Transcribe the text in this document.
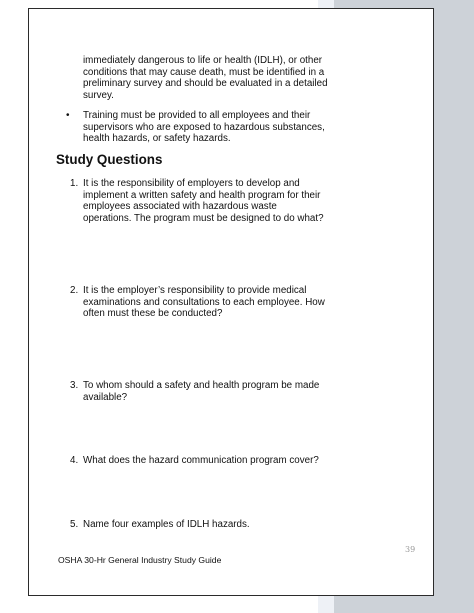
immediately dangerous to life or health (IDLH), or other conditions that may cause death, must be identified in a preliminary survey and should be evaluated in a detailed survey.
•	Training must be provided to all employees and their supervisors who are exposed to hazardous substances, health hazards, or safety hazards.
Study Questions
1. It is the responsibility of employers to develop and implement a written safety and health program for their employees associated with hazardous waste operations. The program must be designed to do what?
2. It is the employer’s responsibility to provide medical examinations and consultations to each employee. How often must these be conducted?
3. To whom should a safety and health program be made available?
4. What does the hazard communication program cover?
5. Name four examples of IDLH hazards.
OSHA 30-Hr General Industry Study Guide
39
